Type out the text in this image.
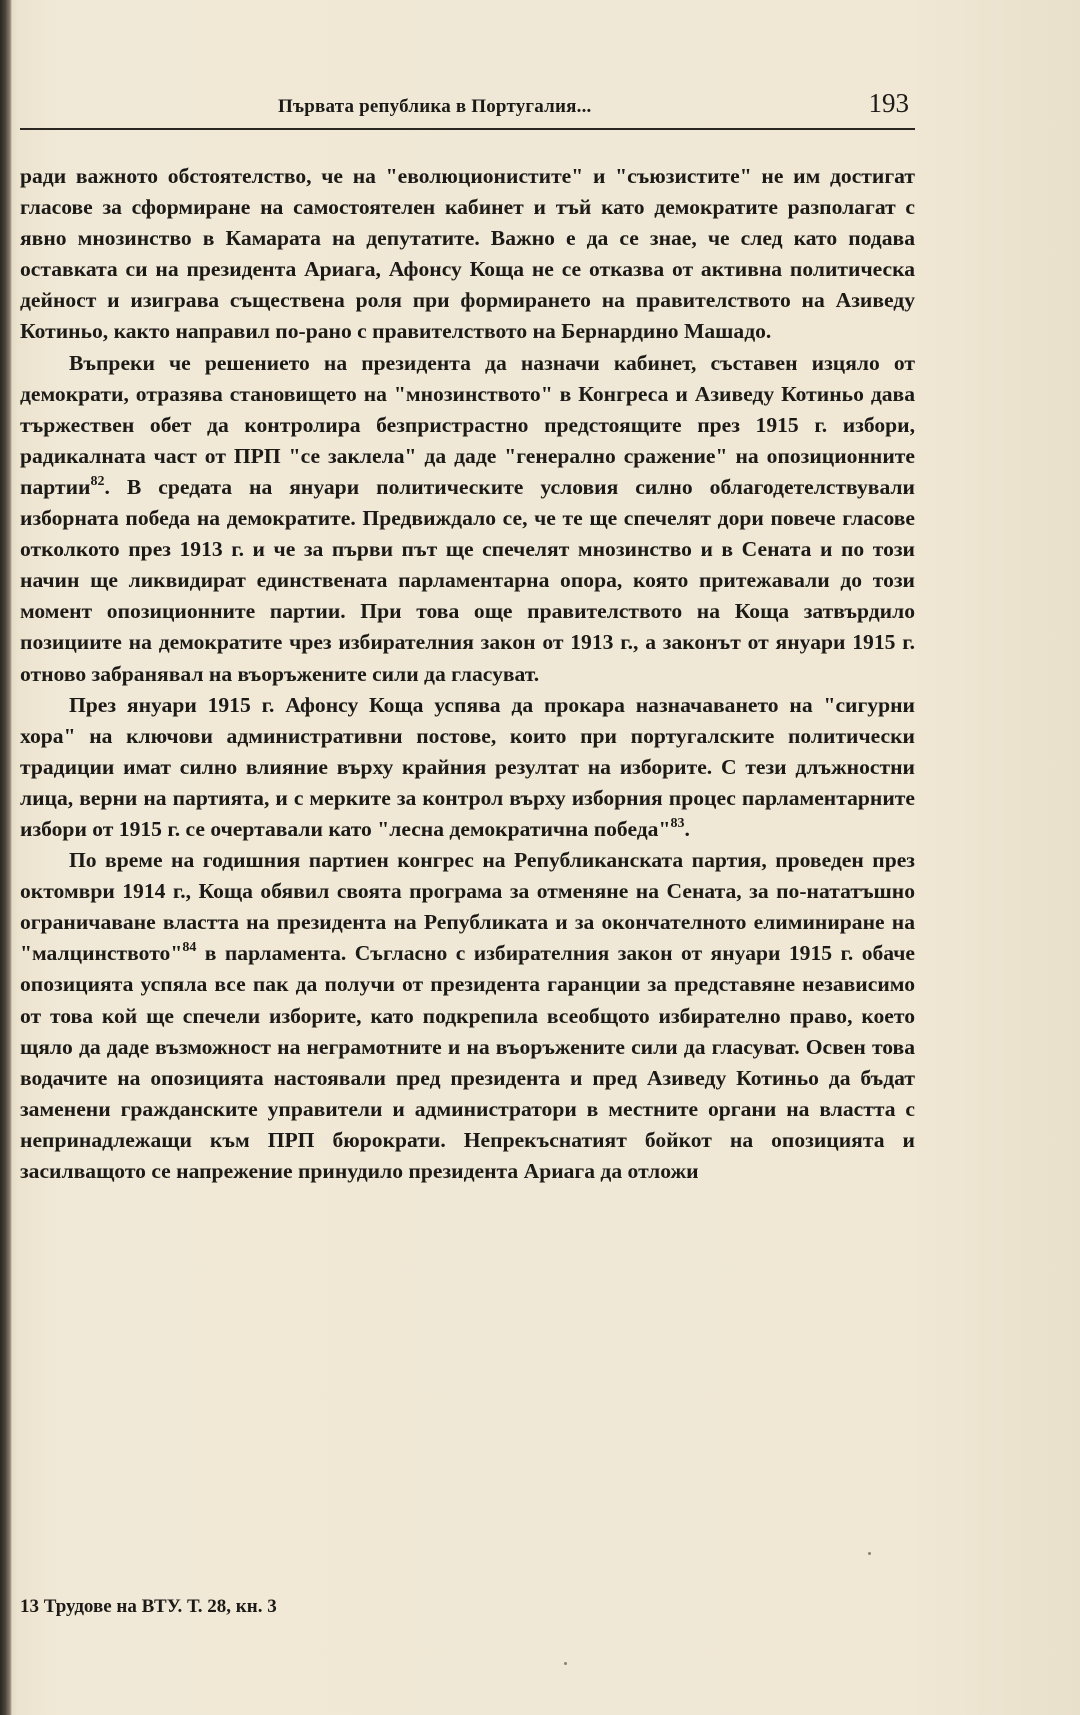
Първата република в Португалия...	193

ради важното обстоятелство, че на "еволюционистите" и "съюзистите" не им достигат гласове за сформиране на самостоятелен кабинет и тъй като демократите разполагат с явно мнозинство в Камарата на депутатите. Важно е да се знае, че след като подава оставката си на президента Ариага, Афонсу Коща не се отказва от активна политическа дейност и изиграва съществена роля при формирането на правителството на Азиведу Котиньо, както направил по-рано с правителството на Бернардино Машадо.

Въпреки че решението на президента да назначи кабинет, съставен изцяло от демократи, отразява становището на "мнозинството" в Конгреса и Азиведу Котиньо дава тържествен обет да контролира безпристрастно предстоящите през 1915 г. избори, радикалната част от ПРП "се заклела" да даде "генерално сражение" на опозиционните партии$^{82}$. В средата на януари политическите условия силно облагодетелствували изборната победа на демократите. Предвиждало се, че те ще спечелят дори повече гласове отколкото през 1913 г. и че за първи път ще спечелят мнозинство и в Сената и по този начин ще ликвидират единствената парламентарна опора, която притежавали до този момент опозиционните партии. При това още правителството на Коща затвърдило позициите на демократите чрез избирателния закон от 1913 г., а законът от януари 1915 г. отново забранявал на въоръжените сили да гласуват.

През януари 1915 г. Афонсу Коща успява да прокара назначаването на "сигурни хора" на ключови административни постове, които при португалските политически традиции имат силно влияние върху крайния резултат на изборите. С тези длъжностни лица, верни на партията, и с мерките за контрол върху изборния процес парламентарните избори от 1915 г. се очертавали като "лесна демократична победа"$^{83}$.

По време на годишния партиен конгрес на Републиканската партия, проведен през октомври 1914 г., Коща обявил своята програма за отменяне на Сената, за по-нататъшно ограничаване властта на президента на Републиката и за окончателното елиминиране на "малцинството"$^{84}$ в парламента. Съгласно с избирателния закон от януари 1915 г. обаче опозицията успяла все пак да получи от президента гаранции за представяне независимо от това кой ще спечели изборите, като подкрепила всеобщото избирателно право, което щяло да даде възможност на неграмотните и на въоръжените сили да гласуват. Освен това водачите на опозицията настоявали пред президента и пред Азиведу Котиньо да бъдат заменени гражданските управители и администратори в местните органи на властта с непринадлежащи към ПРП бюрократи. Непрекъснатият бойкот на опозицията и засилващото се напрежение принудило президента Ариага да отложи

13 Трудове на ВТУ. Т. 28, кн. 3
